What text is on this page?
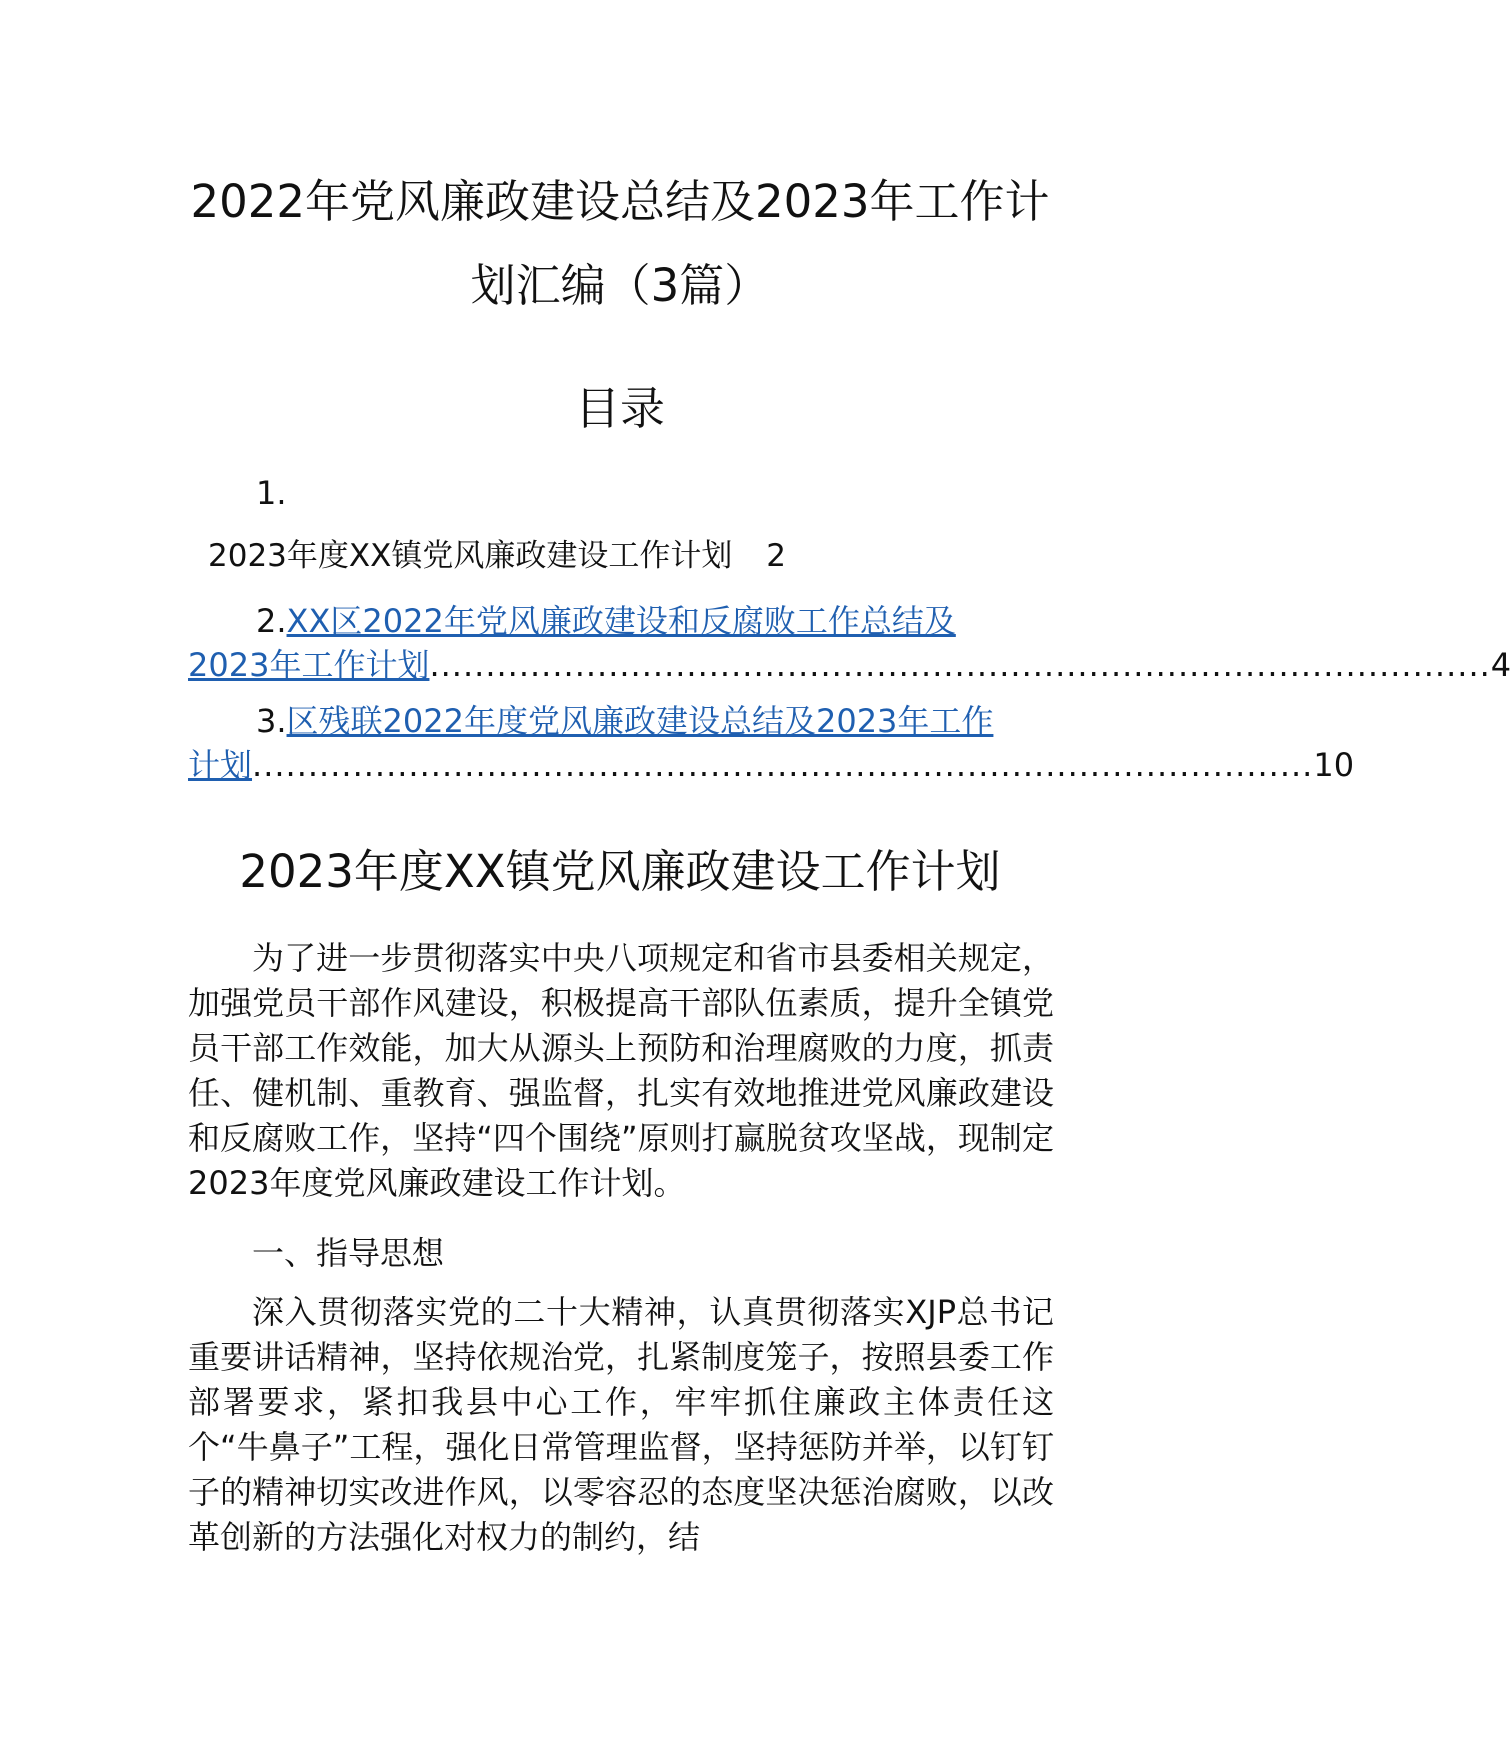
2022年党风廉政建设总结及2023年工作计
划汇编（3篇）
目录
1.
2023年度XX镇党风廉政建设工作计划 2
2.XX区2022年党风廉政建设和反腐败工作总结及
2023年工作计划 ............................................................................................... 4
3.区残联2022年度党风廉政建设总结及2023年工作
计划 ............................................................................................... 10
2023年度XX镇党风廉政建设工作计划

为了进一步贯彻落实中央八项规定和省市县委相关规定，加强党员干部作风建设，积极提高干部队伍素质，提升全镇党员干部工作效能，加大从源头上预防和治理腐败的力度，抓责任、健机制、重教育、强监督，扎实有效地推进党风廉政建设和反腐败工作，坚持“四个围绕”原则打赢脱贫攻坚战，现制定2023年度党风廉政建设工作计划。

一、指导思想

深入贯彻落实党的二十大精神，认真贯彻落实XJP总书记重要讲话精神，坚持依规治党，扎紧制度笼子，按照县委工作部署要求，紧扣我县中心工作，牢牢抓住廉政主体责任这个“牛鼻子”工程，强化日常管理监督，坚持惩防并举，以钉钉子的精神切实改进作风，以零容忍的态度坚决惩治腐败，以改革创新的方法强化对权力的制约，结
